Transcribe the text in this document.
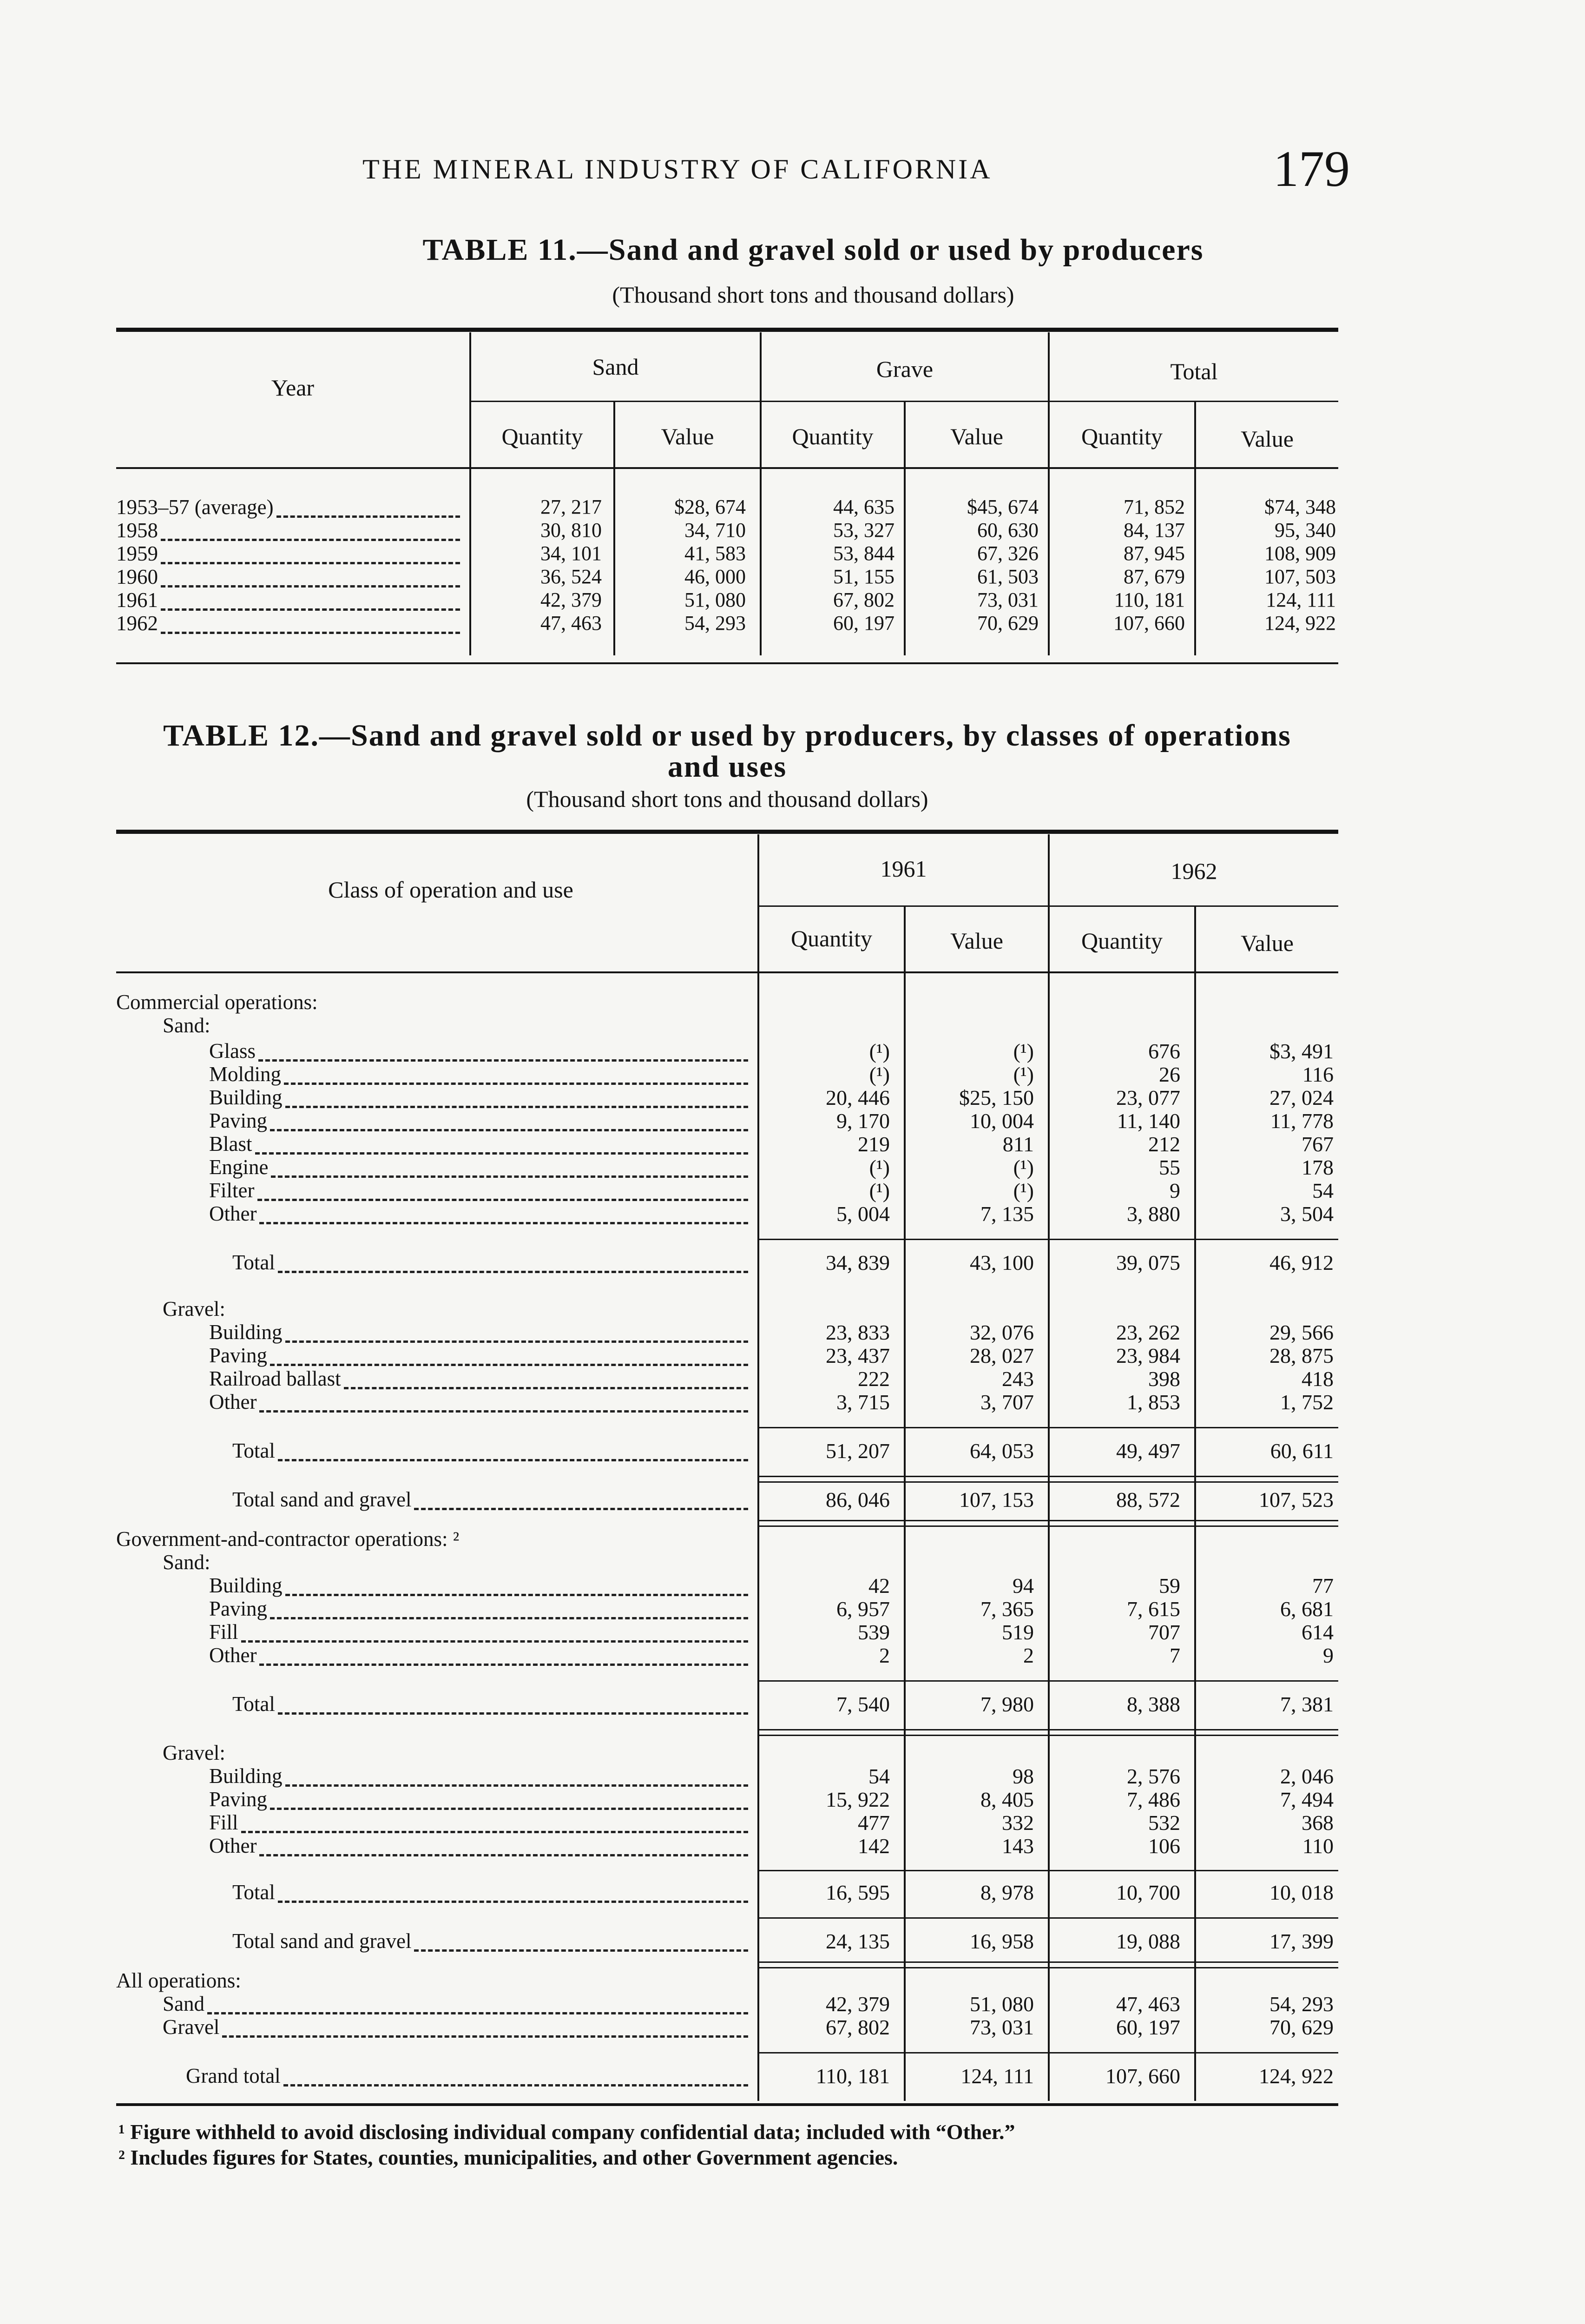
THE MINERAL INDUSTRY OF CALIFORNIA	179
TABLE 11.—Sand and gravel sold or used by producers
(Thousand short tons and thousand dollars)
Year
Sand	Grave	Total
Quantity	Value	Quantity	Value	Quantity	Value
1953–57 (average)	27, 217	$28, 674	44, 635	$45, 674	71, 852	$74, 348
1958	30, 810	34, 710	53, 327	60, 630	84, 137	95, 340
1959	34, 101	41, 583	53, 844	67, 326	87, 945	108, 909
1960	36, 524	46, 000	51, 155	61, 503	87, 679	107, 503
1961	42, 379	51, 080	67, 802	73, 031	110, 181	124, 111
1962	47, 463	54, 293	60, 197	70, 629	107, 660	124, 922
TABLE 12.—Sand and gravel sold or used by producers, by classes of operations
and uses
(Thousand short tons and thousand dollars)
Class of operation and use
1961	1962
Quantity	Value	Quantity	Value
Commercial operations:
Sand:
Glass	(¹)	(¹)	676	$3, 491
Molding	(¹)	(¹)	26	116
Building	20, 446	$25, 150	23, 077	27, 024
Paving	9, 170	10, 004	11, 140	11, 778
Blast	219	811	212	767
Engine	(¹)	(¹)	55	178
Filter	(¹)	(¹)	9	54
Other	5, 004	7, 135	3, 880	3, 504
Total	34, 839	43, 100	39, 075	46, 912
Gravel:
Building	23, 833	32, 076	23, 262	29, 566
Paving	23, 437	28, 027	23, 984	28, 875
Railroad ballast	222	243	398	418
Other	3, 715	3, 707	1, 853	1, 752
Total	51, 207	64, 053	49, 497	60, 611
Total sand and gravel	86, 046	107, 153	88, 572	107, 523
Government-and-contractor operations: ²
Sand:
Building	42	94	59	77
Paving	6, 957	7, 365	7, 615	6, 681
Fill	539	519	707	614
Other	2	2	7	9
Total	7, 540	7, 980	8, 388	7, 381
Gravel:
Building	54	98	2, 576	2, 046
Paving	15, 922	8, 405	7, 486	7, 494
Fill	477	332	532	368
Other	142	143	106	110
Total	16, 595	8, 978	10, 700	10, 018
Total sand and gravel	24, 135	16, 958	19, 088	17, 399
All operations:
Sand	42, 379	51, 080	47, 463	54, 293
Gravel	67, 802	73, 031	60, 197	70, 629
Grand total	110, 181	124, 111	107, 660	124, 922
¹ Figure withheld to avoid disclosing individual company confidential data; included with “Other.”
² Includes figures for States, counties, municipalities, and other Government agencies.
